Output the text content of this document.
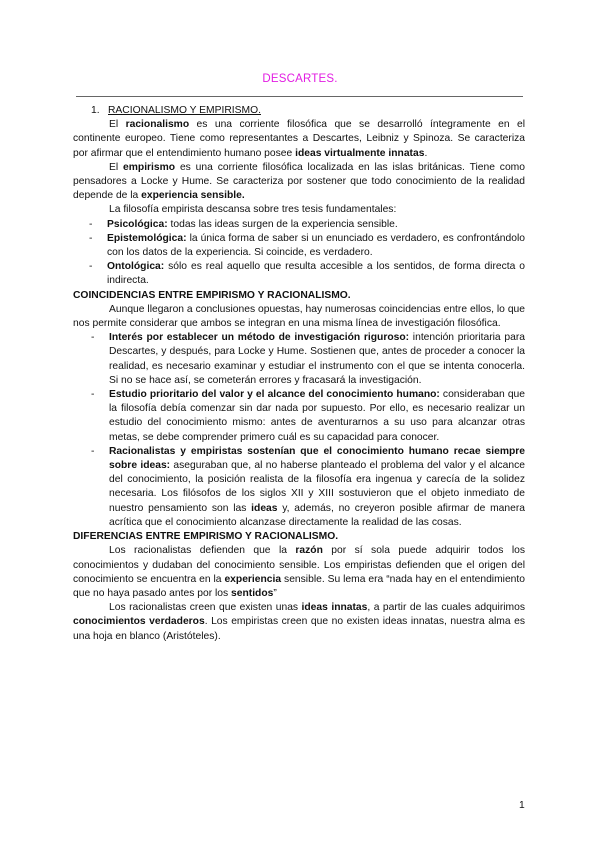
DESCARTES.
1. RACIONALISMO Y EMPIRISMO.

El racionalismo es una corriente filosófica que se desarrolló íntegramente en el continente europeo. Tiene como representantes a Descartes, Leibniz y Spinoza. Se caracteriza por afirmar que el entendimiento humano posee ideas virtualmente innatas.

El empirismo es una corriente filosófica localizada en las islas británicas. Tiene como pensadores a Locke y Hume. Se caracteriza por sostener que todo conocimiento de la realidad depende de la experiencia sensible.

La filosofía empirista descansa sobre tres tesis fundamentales:

- Psicológica: todas las ideas surgen de la experiencia sensible.
- Epistemológica: la única forma de saber si un enunciado es verdadero, es confrontándolo con los datos de la experiencia. Si coincide, es verdadero.
- Ontológica: sólo es real aquello que resulta accesible a los sentidos, de forma directa o indirecta.

COINCIDENCIAS ENTRE EMPIRISMO Y RACIONALISMO.

Aunque llegaron a conclusiones opuestas, hay numerosas coincidencias entre ellos, lo que nos permite considerar que ambos se integran en una misma línea de investigación filosófica.

- Interés por establecer un método de investigación riguroso: intención prioritaria para Descartes, y después, para Locke y Hume. Sostienen que, antes de proceder a conocer la realidad, es necesario examinar y estudiar el instrumento con el que se intenta conocerla. Si no se hace así, se cometerán errores y fracasará la investigación.
- Estudio prioritario del valor y el alcance del conocimiento humano: consideraban que la filosofía debía comenzar sin dar nada por supuesto. Por ello, es necesario realizar un estudio del conocimiento mismo: antes de aventurarnos a su uso para alcanzar otras metas, se debe comprender primero cuál es su capacidad para conocer.
- Racionalistas y empiristas sostenían que el conocimiento humano recae siempre sobre ideas: aseguraban que, al no haberse planteado el problema del valor y el alcance del conocimiento, la posición realista de la filosofía era ingenua y carecía de la solidez necesaria. Los filósofos de los siglos XII y XIII sostuvieron que el objeto inmediato de nuestro pensamiento son las ideas y, además, no creyeron posible afirmar de manera acrítica que el conocimiento alcanzase directamente la realidad de las cosas.

DIFERENCIAS ENTRE EMPIRISMO Y RACIONALISMO.

Los racionalistas defienden que la razón por sí sola puede adquirir todos los conocimientos y dudaban del conocimiento sensible. Los empiristas defienden que el origen del conocimiento se encuentra en la experiencia sensible. Su lema era “nada hay en el entendimiento que no haya pasado antes por los sentidos”

Los racionalistas creen que existen unas ideas innatas, a partir de las cuales adquirimos conocimientos verdaderos. Los empiristas creen que no existen ideas innatas, nuestra alma es una hoja en blanco (Aristóteles).

1
